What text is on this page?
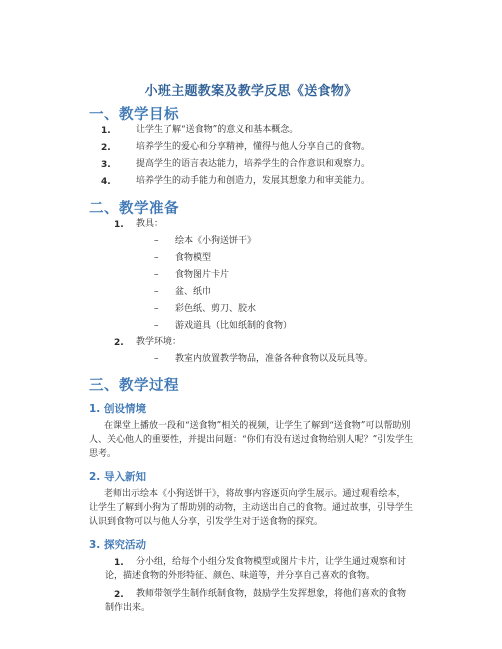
小班主题教案及教学反思《送食物》
一、教学目标
1.	让学生了解“送食物”的意义和基本概念。
2.	培养学生的爱心和分享精神，懂得与他人分享自己的食物。
3.	提高学生的语言表达能力，培养学生的合作意识和观察力。
4.	培养学生的动手能力和创造力，发展其想象力和审美能力。
二、教学准备
1. 教具：
– 绘本《小狗送饼干》
– 食物模型
– 食物图片卡片
– 盆、纸巾
– 彩色纸、剪刀、胶水
– 游戏道具（比如纸制的食物）
2. 教学环境：
– 教室内放置教学物品，准备各种食物以及玩具等。
三、教学过程
1. 创设情境
在课堂上播放一段和“送食物”相关的视频，让学生了解到“送食物”可以帮助别
人、关心他人的重要性，并提出问题：“你们有没有送过食物给别人呢？”引发学生
思考。
2. 导入新知
老师出示绘本《小狗送饼干》，将故事内容逐页向学生展示。通过观看绘本，
让学生了解到小狗为了帮助别的动物，主动送出自己的食物。通过故事，引导学生
认识到食物可以与他人分享，引发学生对于送食物的探究。
3. 探究活动
1. 分小组，给每个小组分发食物模型或图片卡片，让学生通过观察和讨
论，描述食物的外形特征、颜色、味道等，并分享自己喜欢的食物。
2. 教师带领学生制作纸制食物，鼓励学生发挥想象，将他们喜欢的食物
制作出来。
